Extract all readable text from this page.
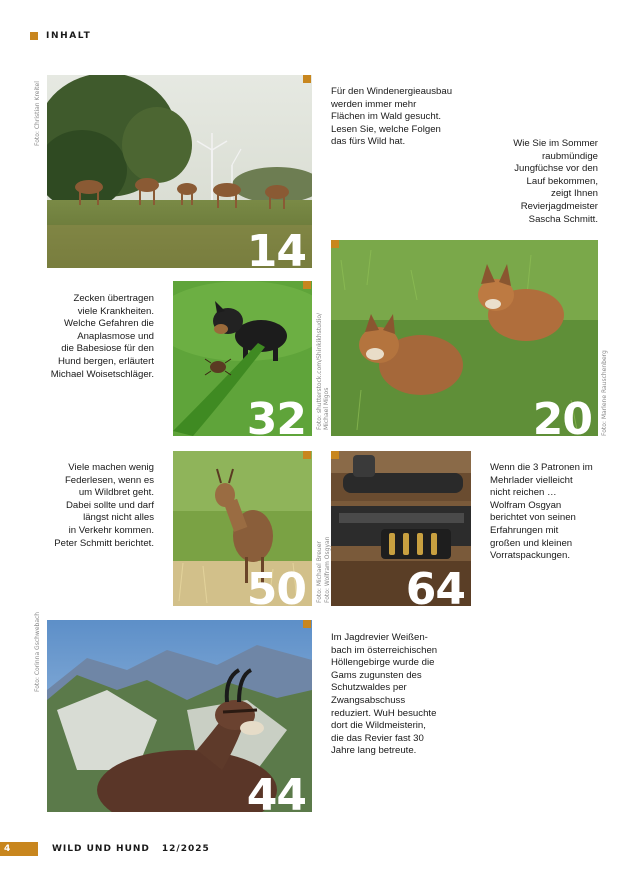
INHALT
Foto: Christian Kreitel
14

Für den Windenergieausbau

werden immer mehr

Flächen im Wald gesucht.

Lesen Sie, welche Folgen

das fürs Wild hat.	Wie Sie im Sommer

raubmündige

Jungfüchse vor den

Lauf bekommen,

zeigt Ihnen

Revierjagdmeister

Sascha Schmitt.

20 Foto: Marlene Rauschenberg

Zecken übertragen

viele Krankheiten.

Welche Gefahren die

Anaplasmose und

die Babesiose für den

Hund bergen, erläutert

Michael Woisetschläger.

32 Foto: shutterstock.com/Shinkikhstudio/ Michael Migos

Viele machen wenig

Federlesen, wenn es

um Wildbret geht.

Dabei sollte und darf

längst nicht alles

in Verkehr kommen.

Peter Schmitt berichtet.

50 Foto: Michael Breuer 64
Foto: Wolfram Osgyan

Wenn die 3 Patronen im

Mehrlader vielleicht

nicht reichen …

Wolfram Osgyan

berichtet von seinen

Erfahrungen mit

großen und kleinen

Vorratspackungen.

Foto: Corinna Gschwebach
44

Im Jagdrevier Weißen-

bach im österreichischen

Höllengebirge wurde die

Gams zugunsten des

Schutzwaldes per

Zwangsabschuss

reduziert. WuH besuchte

dort die Wildmeisterin,

die das Revier fast 30

Jahre lang betreute.

4	WILD UND HUND 12/2025
